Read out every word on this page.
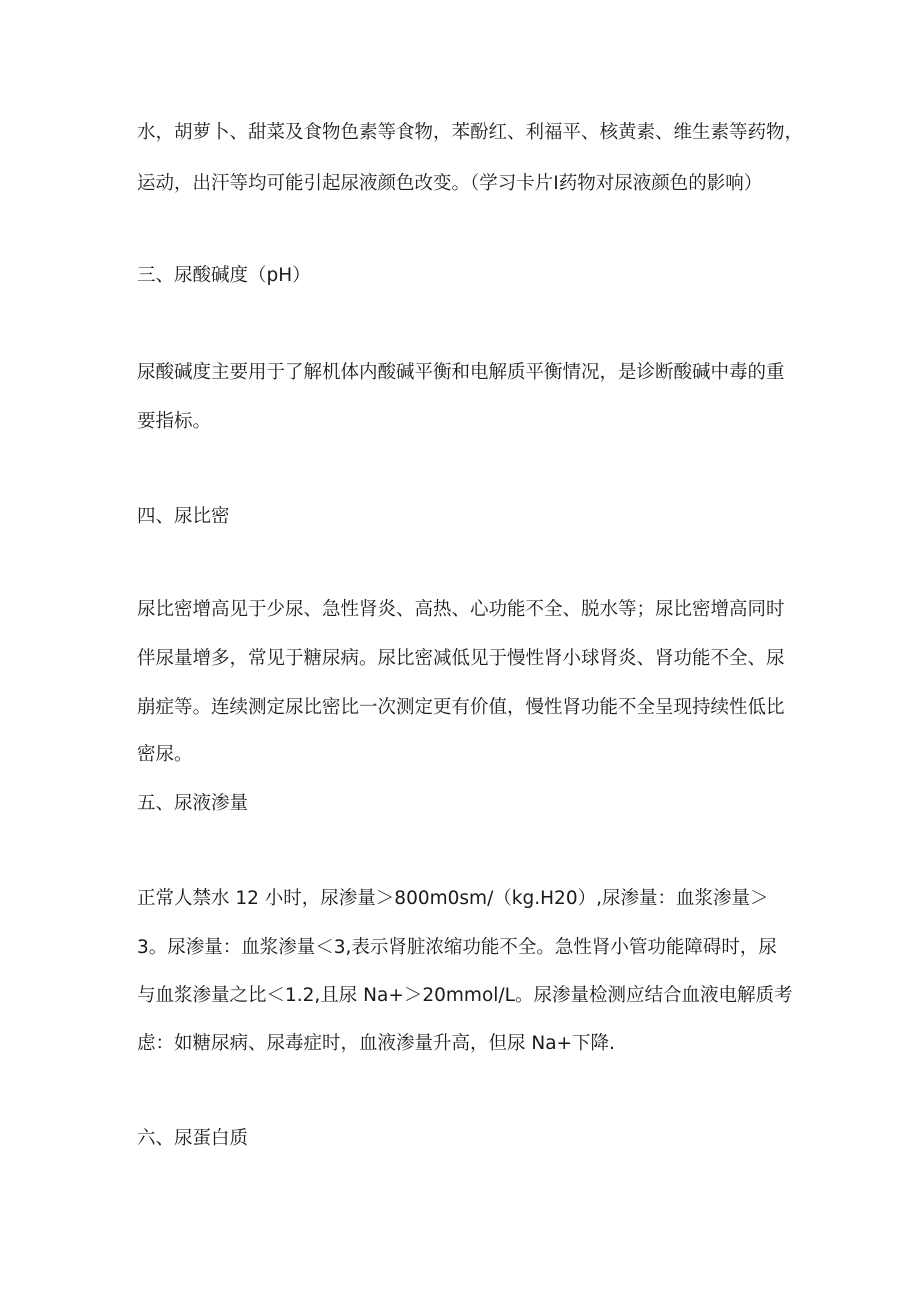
水，胡萝卜、甜菜及食物色素等食物，苯酚红、利福平、核黄素、维生素等药物，
运动，出汗等均可能引起尿液颜色改变。（学习卡片Ⅰ药物对尿液颜色的影响）
三、尿酸碱度（pH）
尿酸碱度主要用于了解机体内酸碱平衡和电解质平衡情况，是诊断酸碱中毒的重
要指标。
四、尿比密
尿比密增高见于少尿、急性肾炎、高热、心功能不全、脱水等；尿比密增高同时
伴尿量增多，常见于糖尿病。尿比密减低见于慢性肾小球肾炎、肾功能不全、尿
崩症等。连续测定尿比密比一次测定更有价值，慢性肾功能不全呈现持续性低比
密尿。
五、尿液渗量
正常人禁水 12 小时，尿渗量＞800m0sm/（kg.H20）,尿渗量：血浆渗量＞
3。尿渗量：血浆渗量＜3,表示肾脏浓缩功能不全。急性肾小管功能障碍时，尿
与血浆渗量之比＜1.2,且尿 Na+＞20mmol/L。尿渗量检测应结合血液电解质考
虑：如糖尿病、尿毒症时，血液渗量升高，但尿 Na+下降.
六、尿蛋白质
